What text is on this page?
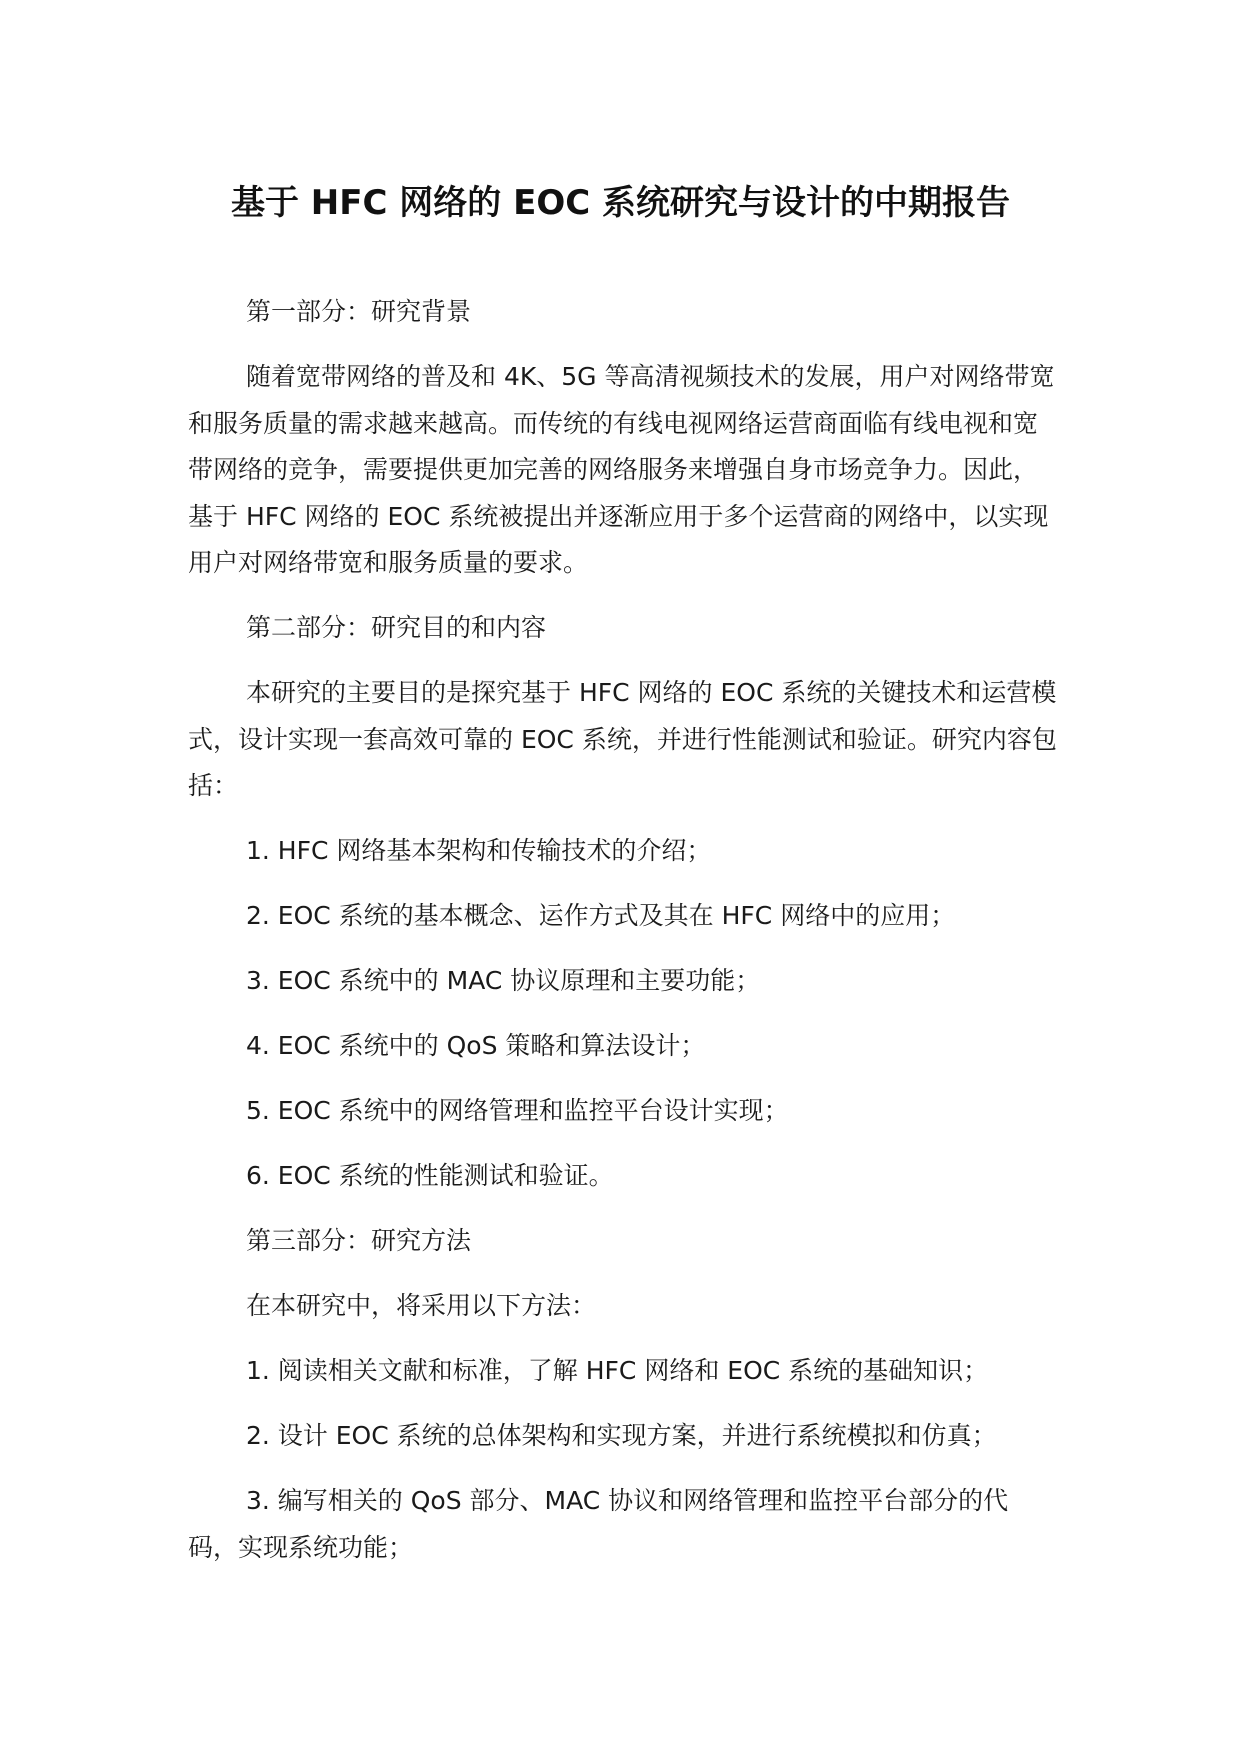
基于 HFC 网络的 EOC 系统研究与设计的中期报告

第一部分：研究背景

随着宽带网络的普及和 4K、5G 等高清视频技术的发展，用户对网络带宽和服务质量的需求越来越高。而传统的有线电视网络运营商面临有线电视和宽带网络的竞争，需要提供更加完善的网络服务来增强自身市场竞争力。因此，基于 HFC 网络的 EOC 系统被提出并逐渐应用于多个运营商的网络中，以实现用户对网络带宽和服务质量的要求。

第二部分：研究目的和内容

本研究的主要目的是探究基于 HFC 网络的 EOC 系统的关键技术和运营模式，设计实现一套高效可靠的 EOC 系统，并进行性能测试和验证。研究内容包括：

1. HFC 网络基本架构和传输技术的介绍；

2. EOC 系统的基本概念、运作方式及其在 HFC 网络中的应用；

3. EOC 系统中的 MAC 协议原理和主要功能；

4. EOC 系统中的 QoS 策略和算法设计；

5. EOC 系统中的网络管理和监控平台设计实现；

6. EOC 系统的性能测试和验证。

第三部分：研究方法

在本研究中，将采用以下方法：

1. 阅读相关文献和标准，了解 HFC 网络和 EOC 系统的基础知识；

2. 设计 EOC 系统的总体架构和实现方案，并进行系统模拟和仿真；

3. 编写相关的 QoS 部分、MAC 协议和网络管理和监控平台部分的代码，实现系统功能；
